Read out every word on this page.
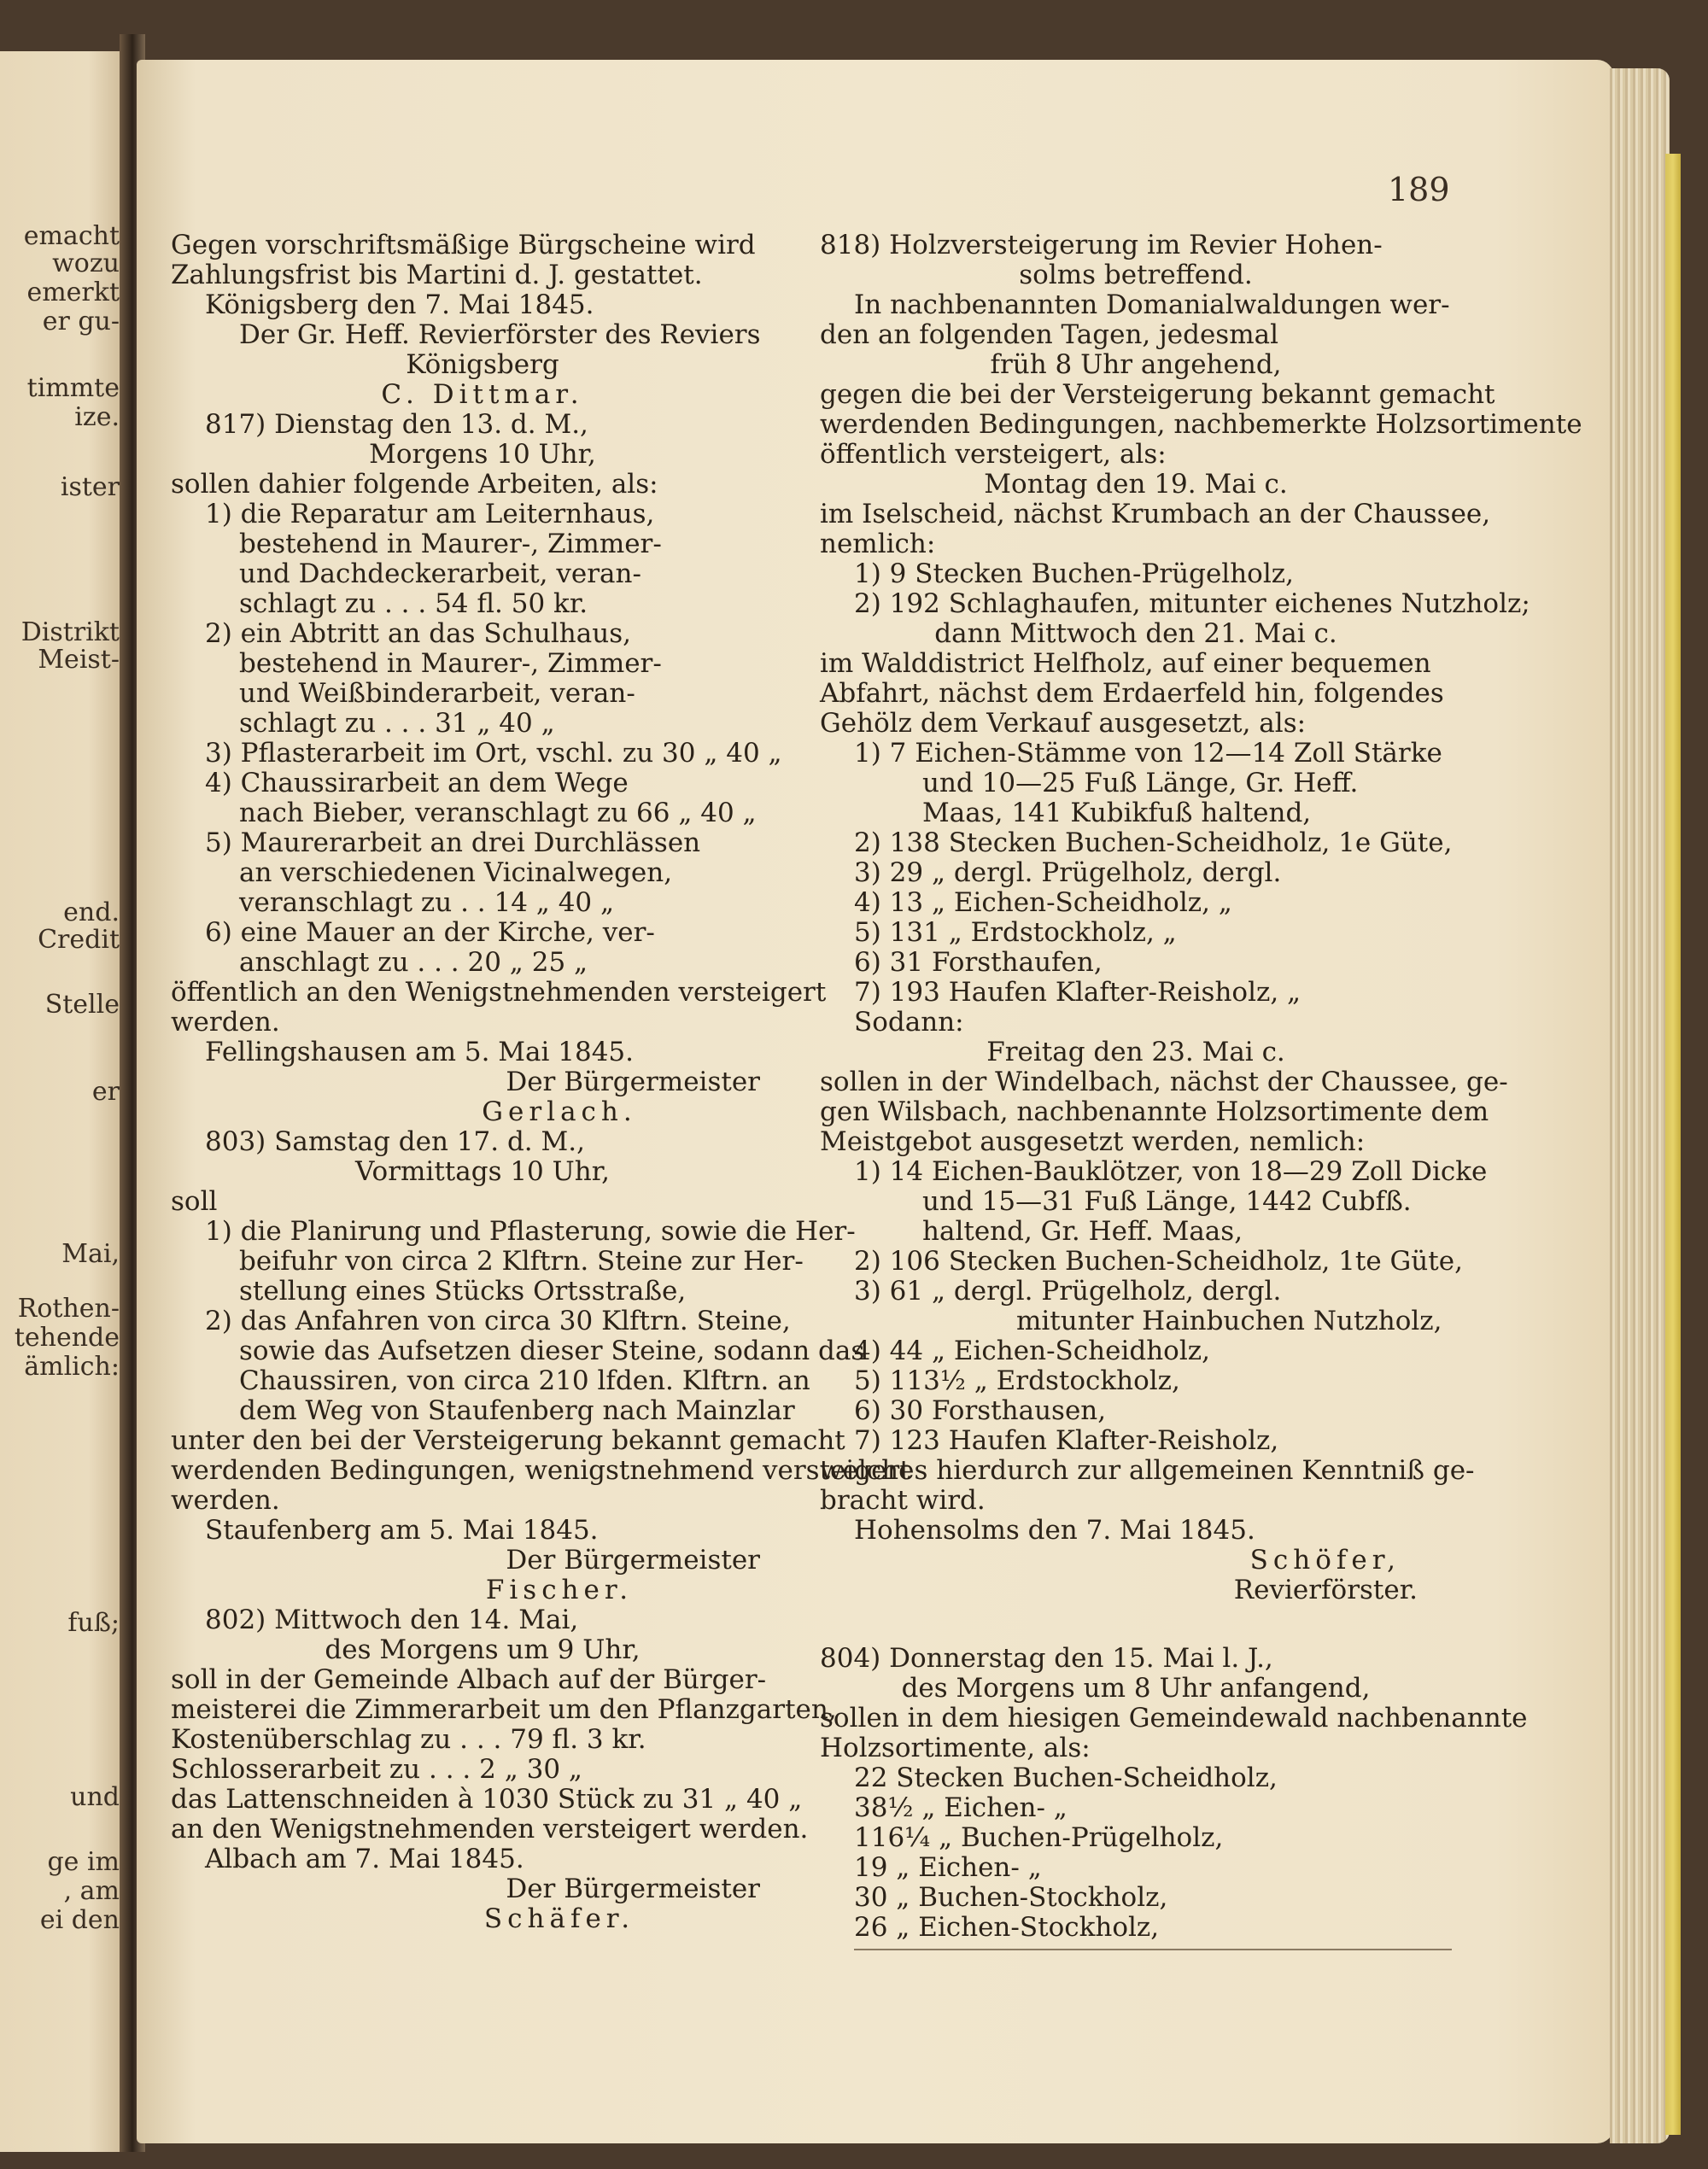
emacht
wozu
emerkt
er gu-
timmte
ize.
ister
Distrikt
Meist-
end.
Credit
Stelle
er
Mai,
Rothen-
tehende
ämlich:
fuß;
und
ge im
, am
ei den
189
Gegen vorschriftsmäßige Bürgscheine wird
Zahlungsfrist bis Martini d. J. gestattet.
Königsberg den 7. Mai 1845.
Der Gr. Heff. Revierförster des Reviers
Königsberg
C. Dittmar.
817) Dienstag den 13. d. M.,
Morgens 10 Uhr,
sollen dahier folgende Arbeiten, als:
1) die Reparatur am Leiternhaus,
bestehend in Maurer-, Zimmer-
und Dachdeckerarbeit, veran-
schlagt zu . . . 54 fl. 50 kr.
2) ein Abtritt an das Schulhaus,
bestehend in Maurer-, Zimmer-
und Weißbinderarbeit, veran-
schlagt zu . . . 31 „ 40 „
3) Pflasterarbeit im Ort, vschl. zu 30 „ 40 „
4) Chaussirarbeit an dem Wege
nach Bieber, veranschlagt zu 66 „ 40 „
5) Maurerarbeit an drei Durchlässen
an verschiedenen Vicinalwegen,
veranschlagt zu . . 14 „ 40 „
6) eine Mauer an der Kirche, ver-
anschlagt zu . . . 20 „ 25 „
öffentlich an den Wenigstnehmenden versteigert
werden.
Fellingshausen am 5. Mai 1845.
Der Bürgermeister
Gerlach.
803) Samstag den 17. d. M.,
Vormittags 10 Uhr,
soll
1) die Planirung und Pflasterung, sowie die Her-
beifuhr von circa 2 Klftrn. Steine zur Her-
stellung eines Stücks Ortsstraße,
2) das Anfahren von circa 30 Klftrn. Steine,
sowie das Aufsetzen dieser Steine, sodann das
Chaussiren, von circa 210 lfden. Klftrn. an
dem Weg von Staufenberg nach Mainzlar
unter den bei der Versteigerung bekannt gemacht
werdenden Bedingungen, wenigstnehmend versteigert
werden.
Staufenberg am 5. Mai 1845.
Der Bürgermeister
Fischer.
802) Mittwoch den 14. Mai,
des Morgens um 9 Uhr,
soll in der Gemeinde Albach auf der Bürger-
meisterei die Zimmerarbeit um den Pflanzgarten,
Kostenüberschlag zu . . . 79 fl. 3 kr.
Schlosserarbeit zu . . . 2 „ 30 „
das Lattenschneiden à 1030 Stück zu 31 „ 40 „
an den Wenigstnehmenden versteigert werden.
Albach am 7. Mai 1845.
Der Bürgermeister
Schäfer.
818) Holzversteigerung im Revier Hohen-
solms betreffend.
In nachbenannten Domanialwaldungen wer-
den an folgenden Tagen, jedesmal
früh 8 Uhr angehend,
gegen die bei der Versteigerung bekannt gemacht
werdenden Bedingungen, nachbemerkte Holzsortimente
öffentlich versteigert, als:
Montag den 19. Mai c.
im Iselscheid, nächst Krumbach an der Chaussee,
nemlich:
1) 9 Stecken Buchen-Prügelholz,
2) 192 Schlaghaufen, mitunter eichenes Nutzholz;
dann Mittwoch den 21. Mai c.
im Walddistrict Helfholz, auf einer bequemen
Abfahrt, nächst dem Erdaerfeld hin, folgendes
Gehölz dem Verkauf ausgesetzt, als:
1) 7 Eichen-Stämme von 12—14 Zoll Stärke
und 10—25 Fuß Länge, Gr. Heff.
Maas, 141 Kubikfuß haltend,
2) 138 Stecken Buchen-Scheidholz, 1e Güte,
3) 29 „ dergl. Prügelholz, dergl.
4) 13 „ Eichen-Scheidholz, „
5) 131 „ Erdstockholz, „
6) 31 Forsthaufen,
7) 193 Haufen Klafter-Reisholz, „
Sodann:
Freitag den 23. Mai c.
sollen in der Windelbach, nächst der Chaussee, ge-
gen Wilsbach, nachbenannte Holzsortimente dem
Meistgebot ausgesetzt werden, nemlich:
1) 14 Eichen-Bauklötzer, von 18—29 Zoll Dicke
und 15—31 Fuß Länge, 1442 Cubfß.
haltend, Gr. Heff. Maas,
2) 106 Stecken Buchen-Scheidholz, 1te Güte,
3) 61 „ dergl. Prügelholz, dergl.
mitunter Hainbuchen Nutzholz,
4) 44 „ Eichen-Scheidholz,
5) 113½ „ Erdstockholz,
6) 30 Forsthausen,
7) 123 Haufen Klafter-Reisholz,
welches hierdurch zur allgemeinen Kenntniß ge-
bracht wird.
Hohensolms den 7. Mai 1845.
Schöfer,
Revierförster.
804) Donnerstag den 15. Mai l. J.,
des Morgens um 8 Uhr anfangend,
sollen in dem hiesigen Gemeindewald nachbenannte
Holzsortimente, als:
22 Stecken Buchen-Scheidholz,
38½ „ Eichen- „
116¼ „ Buchen-Prügelholz,
19 „ Eichen- „
30 „ Buchen-Stockholz,
26 „ Eichen-Stockholz,
